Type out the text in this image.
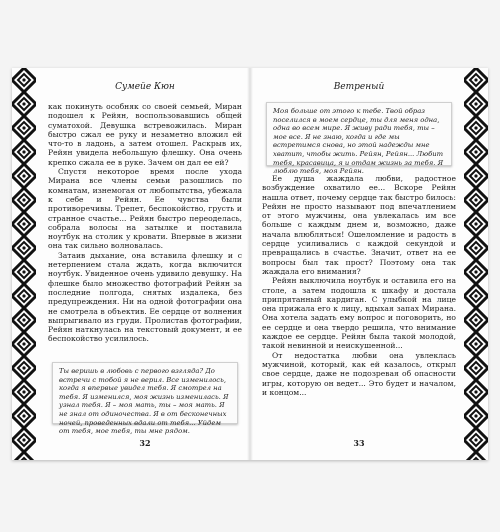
Сумейе Кюн

как покинуть особняк со своей семьей, Миран подошел к Рейян, воспользовавшись общей суматохой. Девушка встревожилась. Миран быстро сжал ее руку и незаметно вложил ей что-то в ладонь, а затем отошел. Раскрыв их, Рейян увидела небольшую флешку. Она очень крепко сжала ее в руке. Зачем он дал ее ей?

Спустя некоторое время после ухода Мирана все члены семьи разошлись по комнатам, изнемогая от любопытства, убежала к себе и Рейян. Ее чувства были противоречивы. Трепет, беспокойство, грусть и странное счастье... Рейян быстро переоделась, собрала волосы на затылке и поставила ноутбук на столик у кровати. Впервые в жизни она так сильно волновалась.

Затаив дыхание, она вставила флешку и с нетерпением стала ждать, когда включится ноутбук. Увиденное очень удивило девушку. На флешке было множество фотографий Рейян за последние полгода, снятых издалека, без предупреждения. Ни на одной фотографии она не смотрела в объектив. Ее сердце от волнения выпрыгивало из груди. Пролистав фотографии, Рейян наткнулась на текстовый документ, и ее беспокойство усилилось.

Ты веришь в любовь с первого взгляда? До встречи с тобой я не верил. Все изменилось, когда я впервые увидел тебя. Я смотрел на тебя. Я изменился, моя жизнь изменилась. Я узнал тебя. Я – моя мать, ты – моя мать. Я не знал от одиночества. Я в от бесконечных ночей, проведенных вдали от тебя... Уйдем от тебя, мое тебя, ты мне рядом.
32
Ветреный
Моя больше от этого к тебе. Твой образ поселился в моем сердце, ты для меня одна, одна во всем мире. Я живу ради тебя, ты – мое все. Я не знаю, когда и где мы встретимся снова, но этой надежды мне хватит, чтобы жить. Рейян, Рейян... Любит тебя, красавица, я и отдам жизнь за тебя. Я люблю тебя, моя Рейян.

Ее душа жаждала любви, радостное возбуждение охватило ее... Вскоре Рейян нашла ответ, почему сердце так быстро билось: Рейян не просто называют под впечатлением от этого мужчины, она увлекалась им все больше с каждым днем и, возможно, даже начала влюбляться! Ошеломление и радость в сердце усиливались с каждой секундой и превращались в счастье. Значит, ответ на ее вопросы был так прост? Поэтому она так жаждала его внимания?

Рейян выключила ноутбук и оставила его на столе, а затем подошла к шкафу и достала припрятанный кардиган. С улыбкой на лице она прижала его к лицу, вдыхая запах Мирана. Она хотела задать ему вопрос и поговорить, но ее сердце и она твердо решила, что внимание каждое ее сердце. Рейян была такой молодой, такой невинной и неискушенной...

От недостатка любви она увлеклась мужчиной, который, как ей казалось, открыл свое сердце, даже не подозревая об опасности игры, которую он ведет... Это будет и началом, и концом...

33
